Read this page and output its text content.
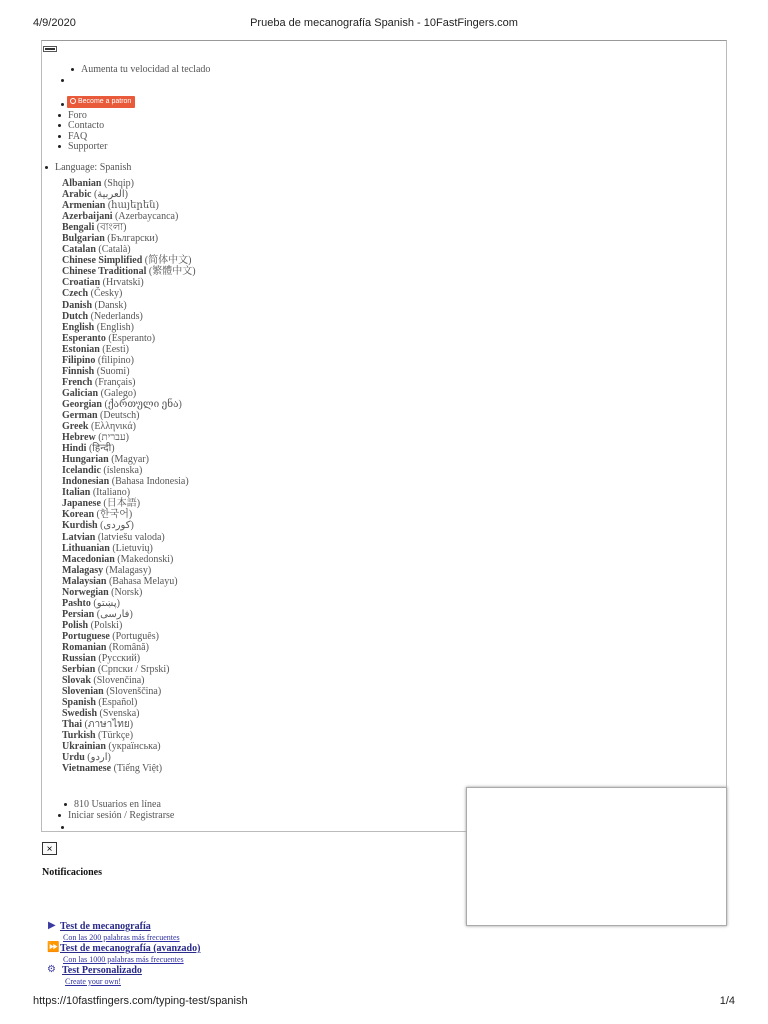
4/9/2020	Prueba de mecanografía Spanish - 10FastFingers.com
Aumenta tu velocidad al teclado
Become a patron
Foro
Contacto
FAQ
Supporter
Language: Spanish
Albanian (Shqip)
Arabic (العربية)
Armenian (հայերեն)
Azerbaijani (Azerbaycanca)
Bengali (বাংলা)
Bulgarian (Български)
Catalan (Català)
Chinese Simplified (简体中文)
Chinese Traditional (繁體中文)
Croatian (Hrvatski)
Czech (Česky)
Danish (Dansk)
Dutch (Nederlands)
English (English)
Esperanto (Esperanto)
Estonian (Eesti)
Filipino (filipino)
Finnish (Suomi)
French (Français)
Galician (Galego)
Georgian (ქართული ენა)
German (Deutsch)
Greek (Ελληνικά)
Hebrew (עברית)
Hindi (हिन्दी)
Hungarian (Magyar)
Icelandic (íslenska)
Indonesian (Bahasa Indonesia)
Italian (Italiano)
Japanese (日本語)
Korean (한국어)
Kurdish (کوردی)
Latvian (latviešu valoda)
Lithuanian (Lietuvių)
Macedonian (Makedonski)
Malagasy (Malagasy)
Malaysian (Bahasa Melayu)
Norwegian (Norsk)
Pashto (پښتو)
Persian (فارسی)
Polish (Polski)
Portuguese (Português)
Romanian (Română)
Russian (Русский)
Serbian (Српски / Srpski)
Slovak (Slovenčina)
Slovenian (Slovenščina)
Spanish (Español)
Swedish (Svenska)
Thai (ภาษาไทย)
Turkish (Türkçe)
Ukrainian (українська)
Urdu (اردو)
Vietnamese (Tiếng Việt)
810 Usuarios en línea
Iniciar sesión / Registrarse
×
Notificaciones
▶ Test de mecanografía
Con las 200 palabras más frecuentes
⏩ Test de mecanografía (avanzado)
Con las 1000 palabras más frecuentes
⚙ Test Personalizado
Create your own!
https://10fastfingers.com/typing-test/spanish	1/4
